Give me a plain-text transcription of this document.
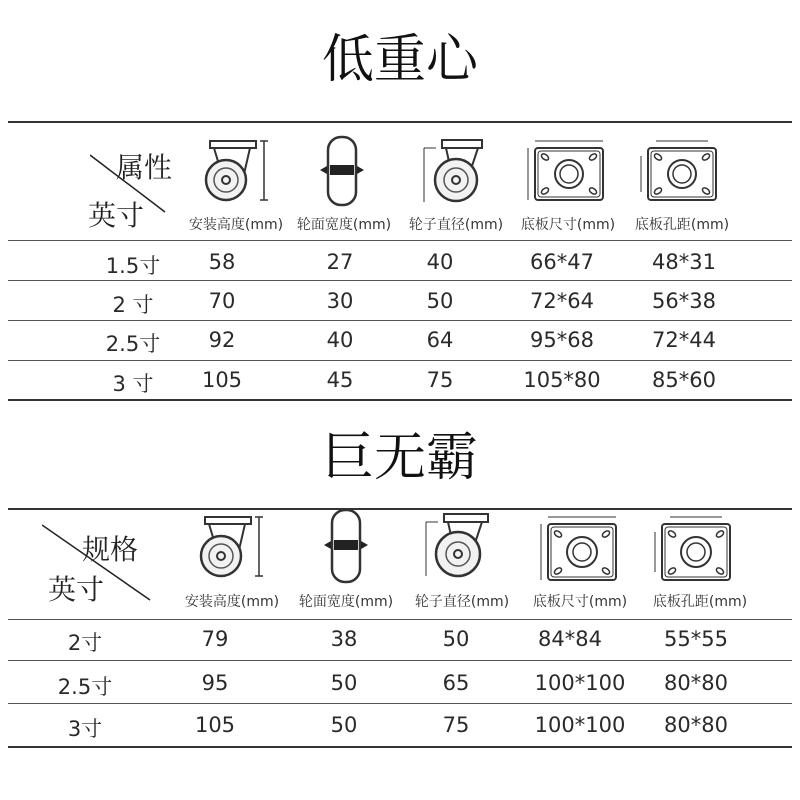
低重心
属性
英寸	安装高度(mm) 轮面宽度(mm)	轮子直径(mm)	底板尺寸(mm)	底板孔距(mm)
1.5寸	58	27	40	66*47	48*31
2 寸	70	30	50	72*64	56*38
2.5寸	92	40	64	95*68	72*44
3 寸	105	45	75	105*80	85*60
巨无霸
规格
英寸	安装高度(mm)	轮面宽度(mm)	轮子直径(mm)	底板尺寸(mm)	底板孔距(mm)
2寸	79	38	50	84*84	55*55
2.5寸	95	50	65	100*100	80*80
3寸	105	50	75	100*100	80*80
